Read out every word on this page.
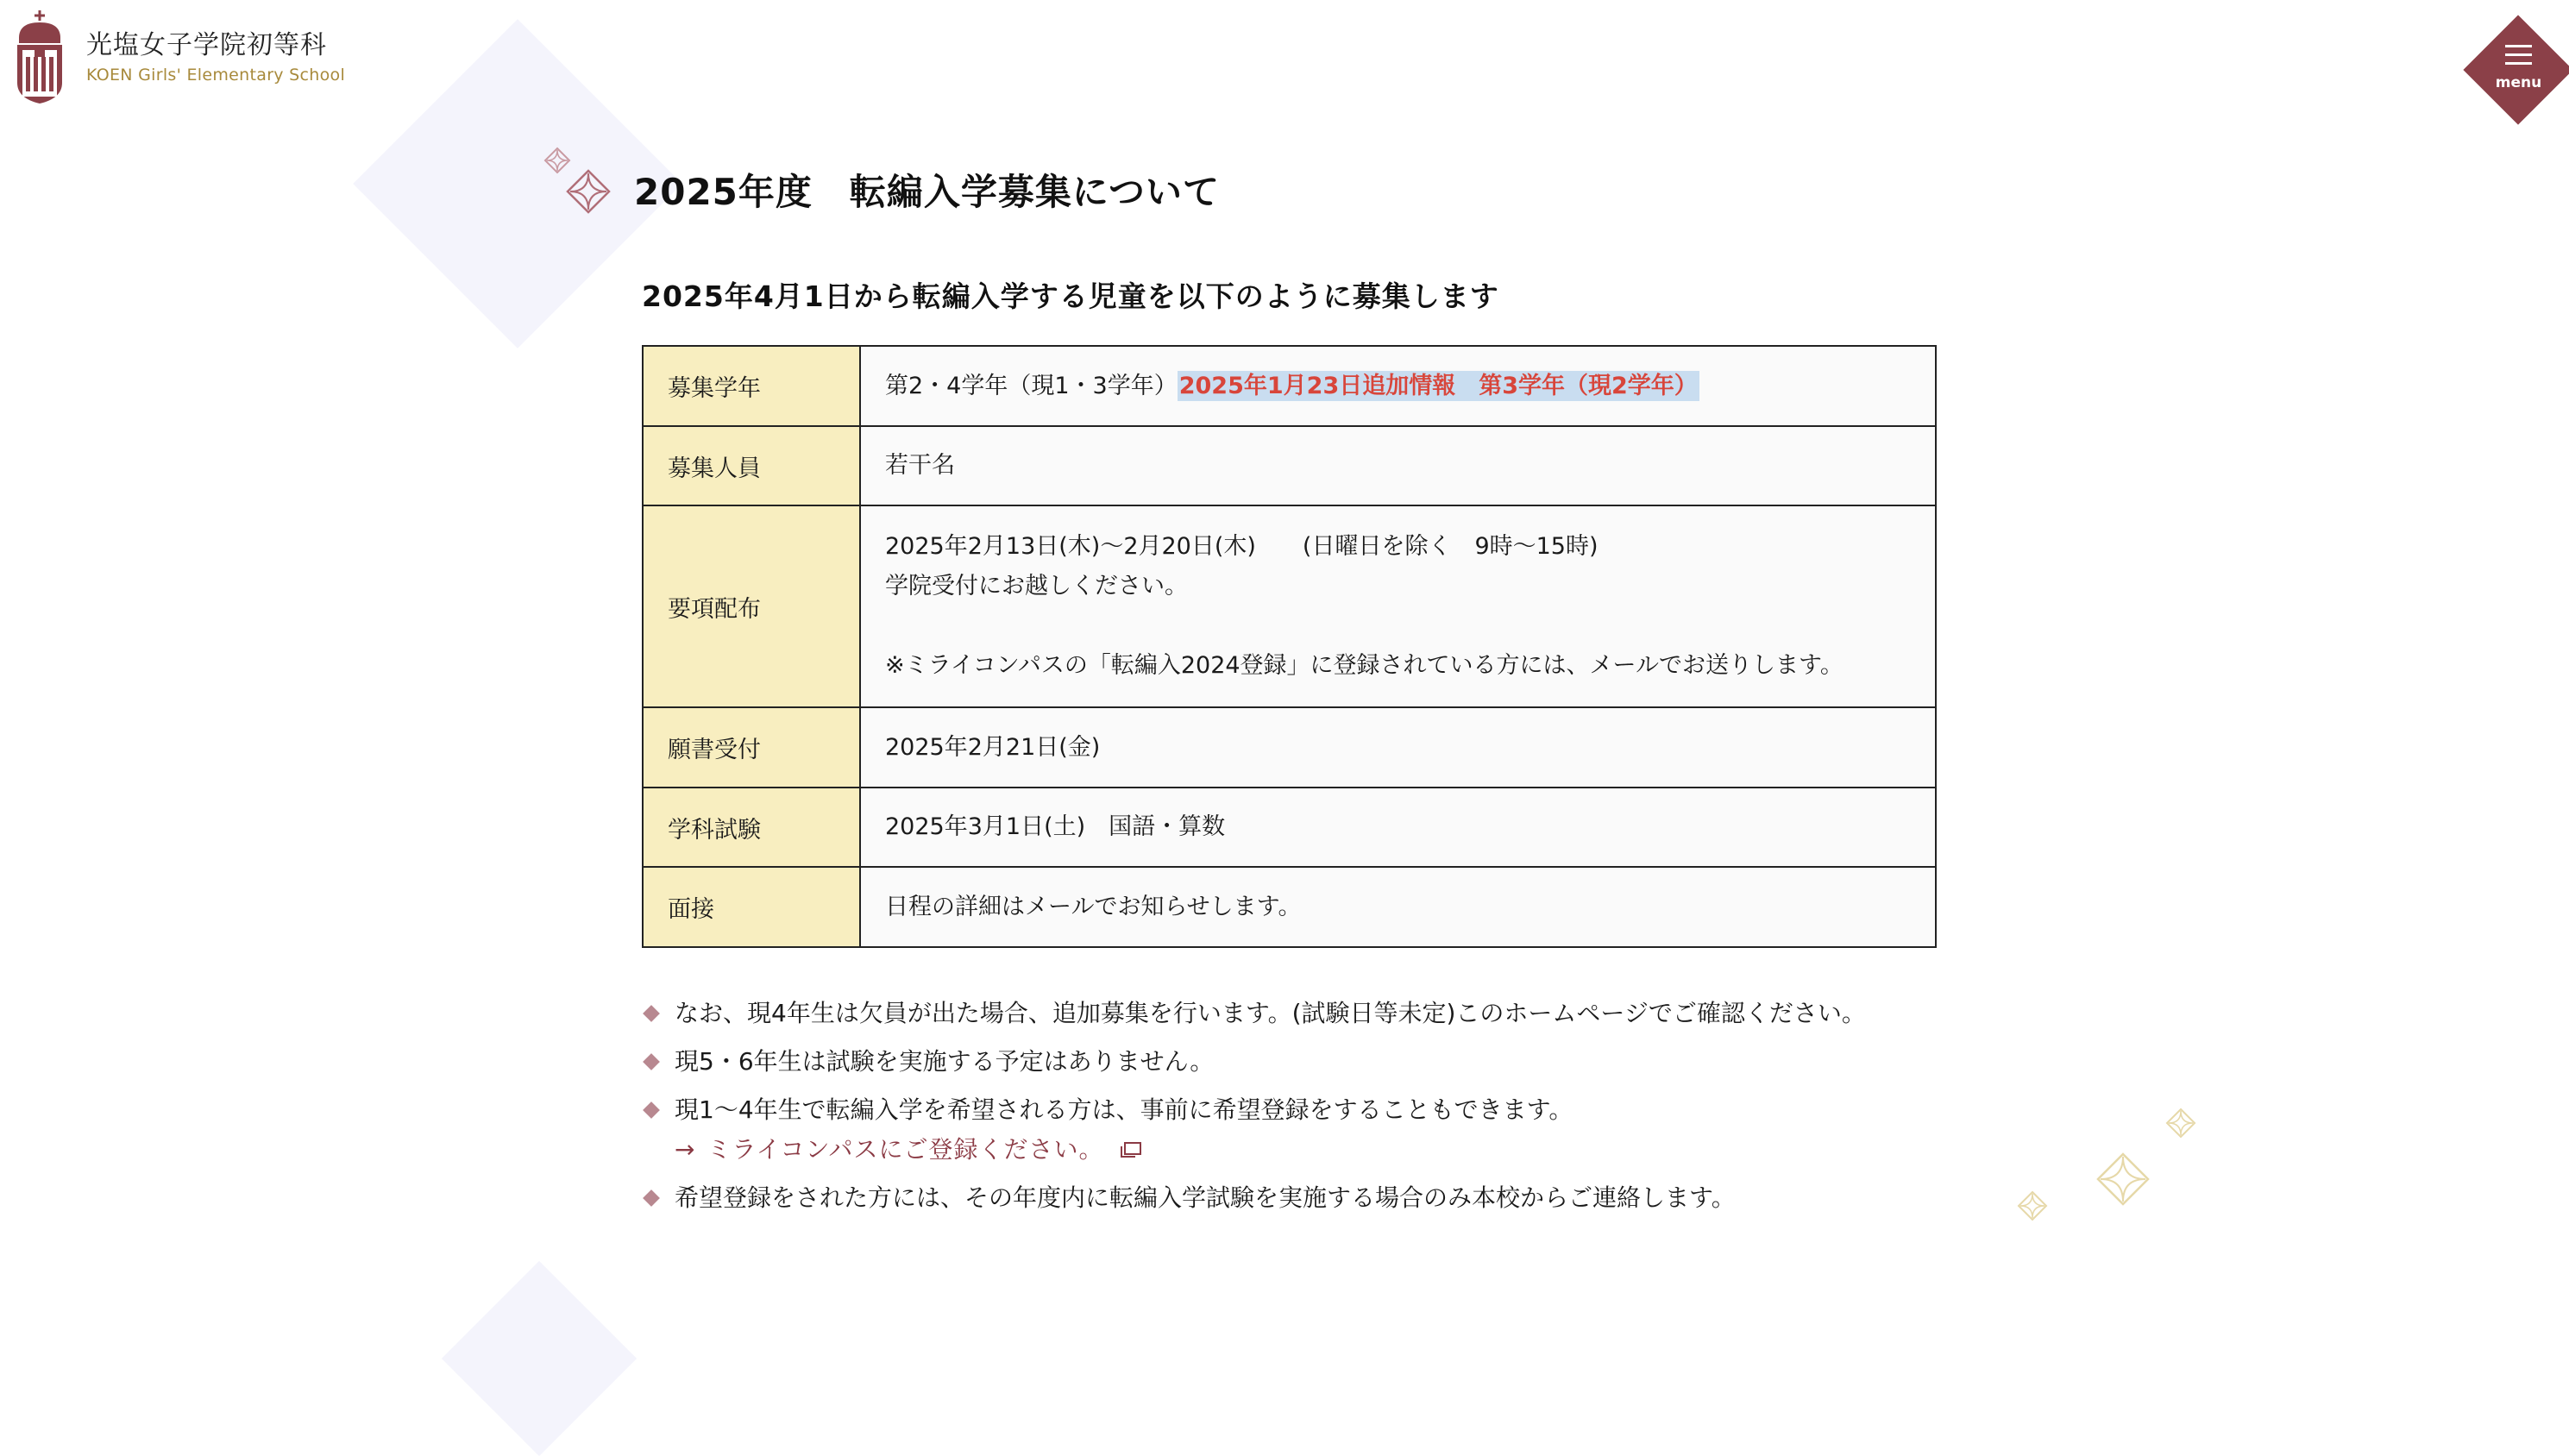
光塩女子学院初等科
KOEN Girls' Elementary School	menu
2025年度　転編入学募集について

2025年4月1日から転編入学する児童を以下のように募集します

募集学年	第2・4学年（現1・3学年）2025年1月23日追加情報　第3学年（現2学年）
募集人員	若干名
要項配布	2025年2月13日(木)〜2月20日(木)　　(日曜日を除く　9時〜15時)
学院受付にお越しください。
※ミライコンパスの「転編入2024登録」に登録されている方には、メールでお送りします。

願書受付	2025年2月21日(金)
学科試験	2025年3月1日(土)　国語・算数
面接	日程の詳細はメールでお知らせします。
なお、現4年生は欠員が出た場合、追加募集を行います。(試験日等未定)このホームページでご確認ください。
現5・6年生は試験を実施する予定はありません。
現1〜4年生で転編入学を希望される方は、事前に希望登録をすることもできます。
→ ミライコンパスにご登録ください。
希望登録をされた方には、その年度内に転編入学試験を実施する場合のみ本校からご連絡します。
